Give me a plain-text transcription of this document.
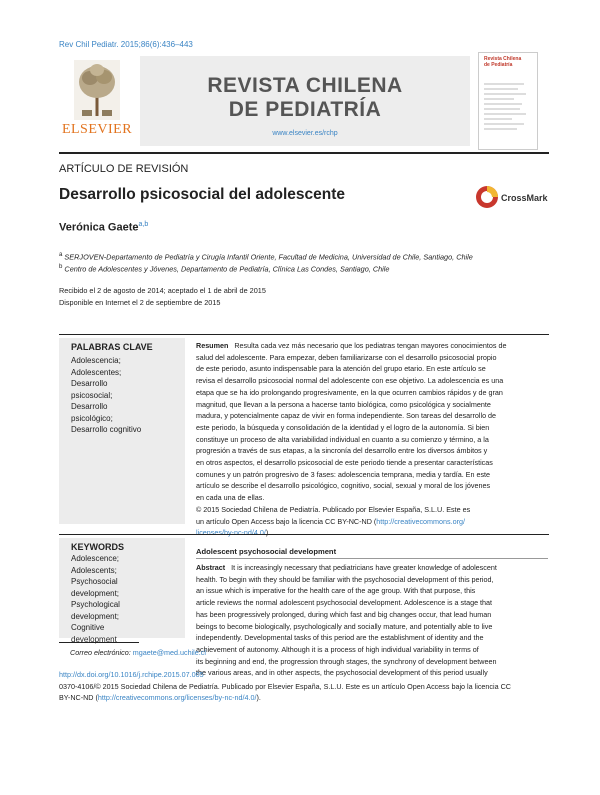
Rev Chil Pediatr. 2015;86(6):436–443
ELSEVIER
REVISTA CHILENA
DE PEDIATRÍA
www.elsevier.es/rchp
Revista Chilena
de Pediatría
ARTÍCULO DE REVISIÓN
Desarrollo psicosocial del adolescente	CrossMark
Verónica Gaete$^{a,b}$
$^a$ SERJOVEN-Departamento de Pediatría y Cirugía Infantil Oriente, Facultad de Medicina, Universidad de Chile, Santiago, Chile
$^b$ Centro de Adolescentes y Jóvenes, Departamento de Pediatría, Clínica Las Condes, Santiago, Chile
Recibido el 2 de agosto de 2014; aceptado el 1 de abril de 2015
Disponible en Internet el 2 de septiembre de 2015
PALABRAS CLAVE
Adolescencia;
Adolescentes;
Desarrollo
psicosocial;
Desarrollo
psicológico;
Desarrollo cognitivo
Resumen Resulta cada vez más necesario que los pediatras tengan mayores conocimientos de
salud del adolescente. Para empezar, deben familiarizarse con el desarrollo psicosocial propio
de este periodo, asunto indispensable para la atención del grupo etario. En este artículo se
revisa el desarrollo psicosocial normal del adolescente con ese objetivo. La adolescencia es una
etapa que se ha ido prolongando progresivamente, en la que ocurren cambios rápidos y de gran
magnitud, que llevan a la persona a hacerse tanto biológica, como psicológica y socialmente
madura, y potencialmente capaz de vivir en forma independiente. Son tareas del desarrollo de
este periodo, la búsqueda y consolidación de la identidad y el logro de la autonomía. Si bien
constituye un proceso de alta variabilidad individual en cuanto a su comienzo y término, a la
progresión a través de sus etapas, a la sincronía del desarrollo entre los diversos ámbitos y
en otros aspectos, el desarrollo psicosocial de este periodo tiende a presentar características
comunes y un patrón progresivo de 3 fases: adolescencia temprana, media y tardía. En este
artículo se describe el desarrollo psicológico, cognitivo, social, sexual y moral de los jóvenes
en cada una de ellas.
© 2015 Sociedad Chilena de Pediatría. Publicado por Elsevier España, S.L.U. Este es
un artículo Open Access bajo la licencia CC BY-NC-ND (http://creativecommons.org/
licenses/by-nc-nd/4.0/).
KEYWORDS
Adolescence;
Adolescents;
Psychosocial
development;
Psychological
development;
Cognitive
development
Adolescent psychosocial development
Abstract It is increasingly necessary that pediatricians have greater knowledge of adolescent
health. To begin with they should be familiar with the psychosocial development of this period,
an issue which is imperative for the health care of the age group. With that purpose, this
article reviews the normal adolescent psychosocial development. Adolescence is a stage that
has been progressively prolonged, during which fast and big changes occur, that lead human
beings to become biologically, psychologically and socially mature, and potentially able to live
independently. Developmental tasks of this period are the establishment of identity and the
achievement of autonomy. Although it is a process of high individual variability in terms of
its beginning and end, the progression through stages, the synchrony of development between
the various areas, and in other aspects, the psychosocial development of this period usually
Correo electrónico: mgaete@med.uchile.cl
http://dx.doi.org/10.1016/j.rchipe.2015.07.005
0370-4106/© 2015 Sociedad Chilena de Pediatría. Publicado por Elsevier España, S.L.U. Este es un artículo Open Access bajo la licencia CC
BY-NC-ND (http://creativecommons.org/licenses/by-nc-nd/4.0/).
